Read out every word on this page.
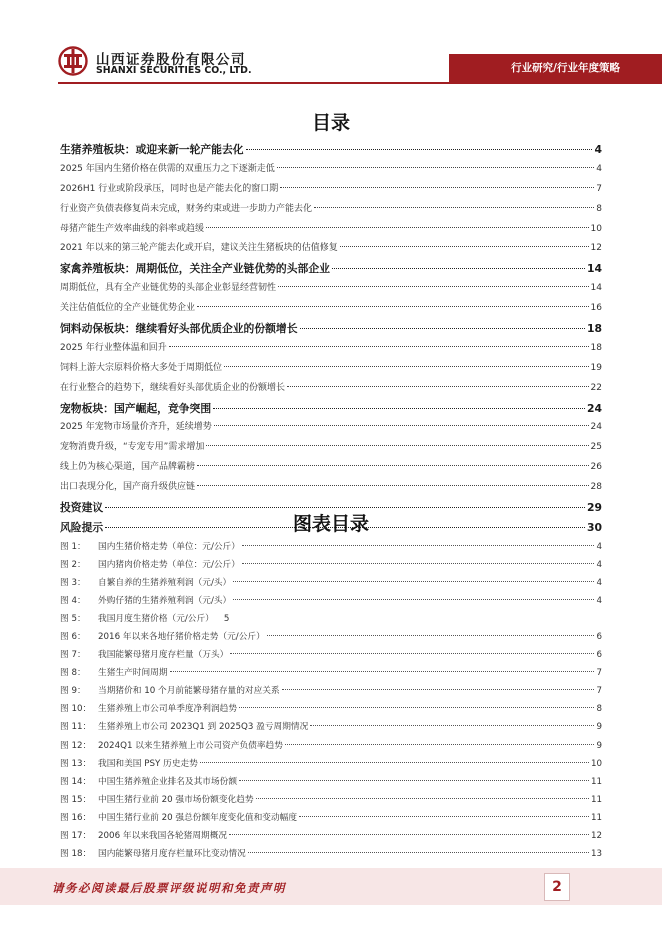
山西证券股份有限公司
SHANXI SECURITIES CO., LTD.	行业研究/行业年度策略
目录
生猪养殖板块：或迎来新一轮产能去化	4
2025 年国内生猪价格在供需的双重压力之下逐渐走低	4
2026H1 行业或阶段承压，同时也是产能去化的窗口期	7
行业资产负债表修复尚未完成，财务约束或进一步助力产能去化	8
母猪产能生产效率曲线的斜率或趋缓	10
2021 年以来的第三轮产能去化或开启，建议关注生猪板块的估值修复	12
家禽养殖板块：周期低位，关注全产业链优势的头部企业	14
周期低位，具有全产业链优势的头部企业彰显经营韧性	14
关注估值低位的全产业链优势企业	16
饲料动保板块：继续看好头部优质企业的份额增长	18
2025 年行业整体温和回升	18
饲料上游大宗原料价格大多处于周期低位	19
在行业整合的趋势下，继续看好头部优质企业的份额增长	22
宠物板块：国产崛起，竞争突围	24
2025 年宠物市场量价齐升，延续增势	24
宠物消费升级，“专宠专用”需求增加	25
线上仍为核心渠道，国产品牌霸榜	26
出口表现分化，国产商升级供应链	28
投资建议	29
风险提示	30
图表目录
图 1：	国内生猪价格走势（单位：元/公斤）	4
图 2：	国内猪肉价格走势（单位：元/公斤）	4
图 3：	自繁自养的生猪养殖利润（元/头）	4
图 4：	外购仔猪的生猪养殖利润（元/头）	4
图 5：	我国月度生猪价格（元/公斤） 5
图 6：	2016 年以来各地仔猪价格走势（元/公斤）	6
图 7：	我国能繁母猪月度存栏量（万头）	6
图 8：	生猪生产时间周期	7
图 9：	当期猪价和 10 个月前能繁母猪存量的对应关系	7
图 10： 生猪养殖上市公司单季度净利润趋势	8
图 11： 生猪养殖上市公司 2023Q1 到 2025Q3 盈亏周期情况	9
图 12： 2024Q1 以来生猪养殖上市公司资产负债率趋势	9
图 13： 我国和美国 PSY 历史走势	10
图 14： 中国生猪养殖企业排名及其市场份额	11
图 15： 中国生猪行业前 20 强市场份额变化趋势	11
图 16： 中国生猪行业前 20 强总份额年度变化值和变动幅度	11
图 17： 2006 年以来我国各轮猪周期概况	12
图 18： 国内能繁母猪月度存栏量环比变动情况	13
请务必阅读最后股票评级说明和免责声明	2
